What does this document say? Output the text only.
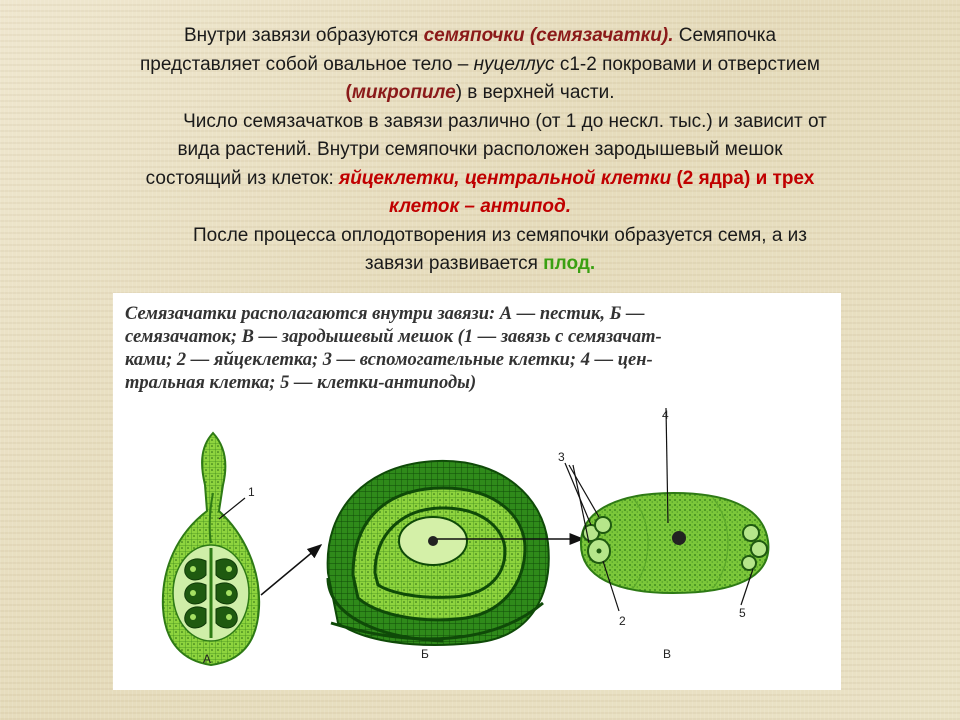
Внутри завязи образуются семяпочки (семязачатки). Семяпочка
представляет собой овальное тело – нуцеллус с1-2 покровами и отверстием
(микропиле) в верхней части.
Число семязачатков в завязи различно (от 1 до нескл. тыс.) и зависит от
вида растений. Внутри семяпочки расположен зародышевый мешок
состоящий из клеток: яйцеклетки, центральной клетки (2 ядра) и трех
клеток – антипод.
После процесса оплодотворения из семяпочки образуется семя, а из
завязи развивается плод.
А	Б	В
1
2
3
4
5
Семязачатки располагаются внутри завязи: А — пестик, Б —
семязачаток; В — зародышевый мешок (1 — завязь с семязачат-
ками; 2 — яйцеклетка; 3 — вспомогательные клетки; 4 — цен-
тральная клетка; 5 — клетки-антиподы)
